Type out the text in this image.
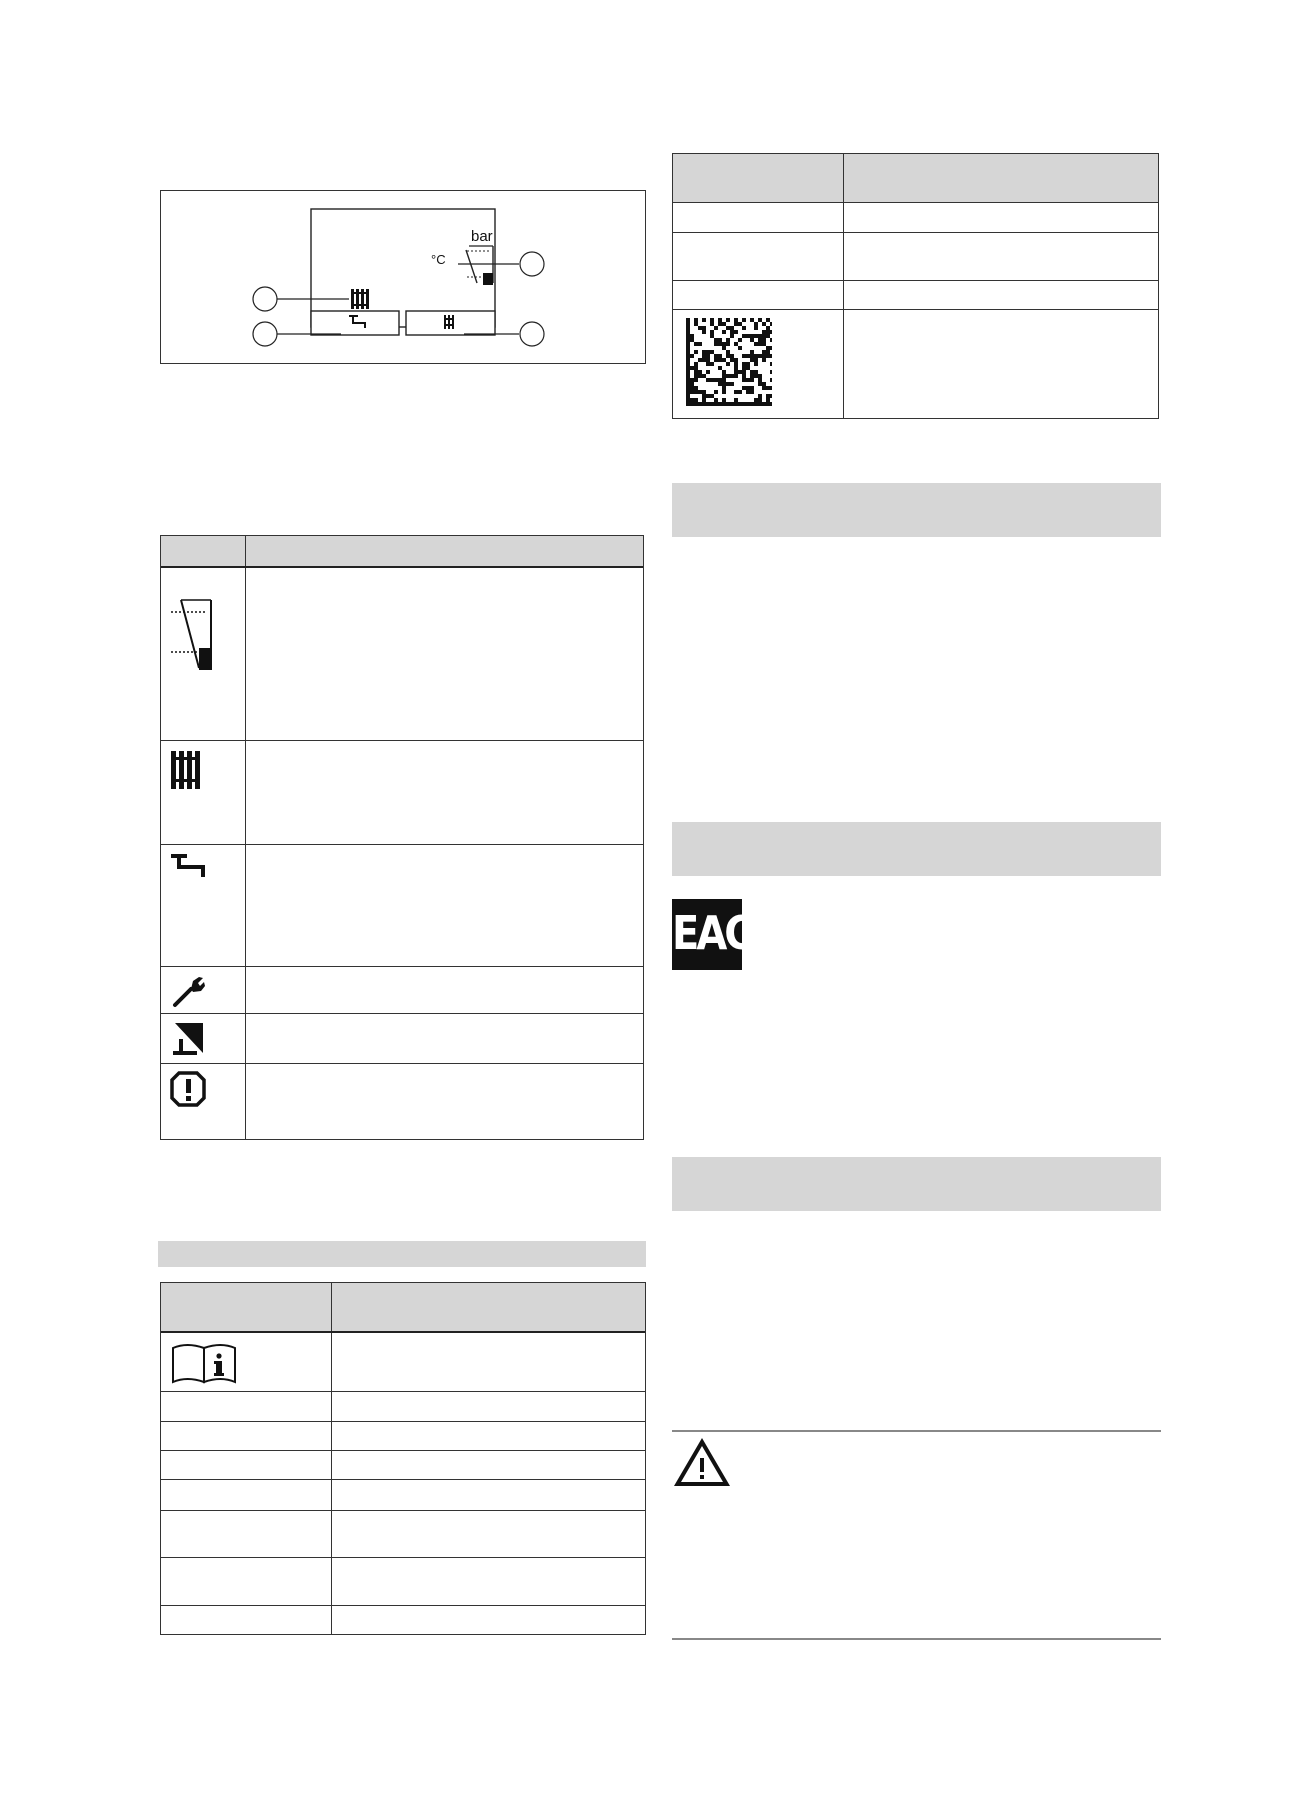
bar
°C
EAC
